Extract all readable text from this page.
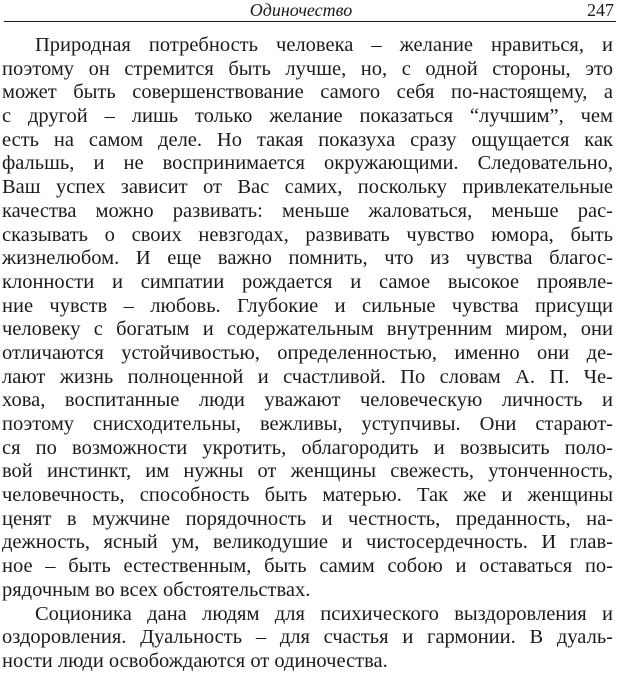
Одиночество	247

Природная потребность человека – желание нравиться, и
поэтому он стремится быть лучше, но, с одной стороны, это
может быть совершенствование самого себя по-настоящему, а
с другой – лишь только желание показаться “лучшим”, чем
есть на самом деле. Но такая показуха сразу ощущается как
фальшь, и не воспринимается окружающими. Следовательно,
Ваш успех зависит от Вас самих, поскольку привлекательные
качества можно развивать: меньше жаловаться, меньше рас-
сказывать о своих невзгодах, развивать чувство юмора, быть
жизнелюбом. И еще важно помнить, что из чувства благос-
клонности и симпатии рождается и самое высокое проявле-
ние чувств – любовь. Глубокие и сильные чувства присущи
человеку с богатым и содержательным внутренним миром, они
отличаются устойчивостью, определенностью, именно они де-
лают жизнь полноценной и счастливой. По словам А. П. Че-
хова, воспитанные люди уважают человеческую личность и
поэтому снисходительны, вежливы, уступчивы. Они старают-
ся по возможности укротить, облагородить и возвысить поло-
вой инстинкт, им нужны от женщины свежесть, утонченность,
человечность, способность быть матерью. Так же и женщины
ценят в мужчине порядочность и честность, преданность, на-
дежность, ясный ум, великодушие и чистосердечность. И глав-
ное – быть естественным, быть самим собою и оставаться по-
рядочным во всех обстоятельствах.

Соционика дана людям для психического выздоровления и
оздоровления. Дуальность – для счастья и гармонии. В дуаль-
ности люди освобождаются от одиночества.
